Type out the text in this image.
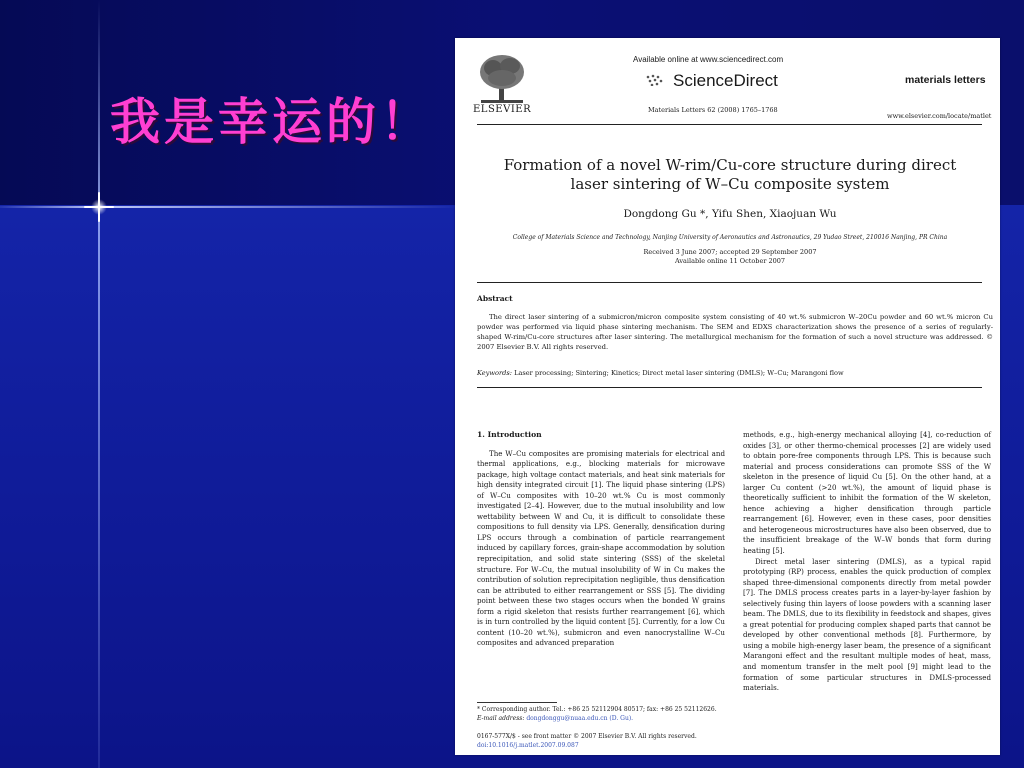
我是幸运的！	ELSEVIER
Available online at www.sciencedirect.com
ScienceDirect
Materials Letters 62 (2008) 1765–1768
materials letters
www.elsevier.com/locate/matlet
Formation of a novel W-rim/Cu-core structure during direct laser sintering of W–Cu composite system
Dongdong Gu *, Yifu Shen, Xiaojuan Wu
College of Materials Science and Technology, Nanjing University of Aeronautics and Astronautics, 29 Yudao Street, 210016 Nanjing, PR China
Received 3 June 2007; accepted 29 September 2007
Available online 11 October 2007
Abstract
The direct laser sintering of a submicron/micron composite system consisting of 40 wt.% submicron W–20Cu powder and 60 wt.% micron Cu powder was performed via liquid phase sintering mechanism. The SEM and EDXS characterization shows the presence of a series of regularly-shaped W-rim/Cu-core structures after laser sintering. The metallurgical mechanism for the formation of such a novel structure was addressed. © 2007 Elsevier B.V. All rights reserved.
Keywords: Laser processing; Sintering; Kinetics; Direct metal laser sintering (DMLS); W–Cu; Marangoni flow

1. Introduction

The W–Cu composites are promising materials for electrical and thermal applications, e.g., blocking materials for microwave package, high voltage contact materials, and heat sink materials for high density integrated circuit [1]. The liquid phase sintering (LPS) of W–Cu composites with 10–20 wt.% Cu is most commonly investigated [2–4]. However, due to the mutual insolubility and low wettability between W and Cu, it is difficult to consolidate these compositions to full density via LPS. Generally, densification during LPS occurs through a combination of particle rearrangement induced by capillary forces, grain-shape accommodation by solution reprecipitation, and solid state sintering (SSS) of the skeletal structure. For W–Cu, the mutual insolubility of W in Cu makes the contribution of solution reprecipitation negligible, thus densification can be attributed to either rearrangement or SSS [5]. The dividing point between these two stages occurs when the bonded W grains form a rigid skeleton that resists further rearrangement [6], which is in turn controlled by the liquid content [5]. Currently, for a low Cu content (10–20 wt.%), submicron and even nanocrystalline W–Cu composites and advanced preparation

methods, e.g., high-energy mechanical alloying [4], co-reduction of oxides [3], or other thermo-chemical processes [2] are widely used to obtain pore-free components through LPS. This is because such material and process considerations can promote SSS of the W skeleton in the presence of liquid Cu [5]. On the other hand, at a larger Cu content (>20 wt.%), the amount of liquid phase is theoretically sufficient to inhibit the formation of the W skeleton, hence achieving a higher densification through particle rearrangement [6]. However, even in these cases, poor densities and heterogeneous microstructures have also been observed, due to the insufficient breakage of the W–W bonds that form during heating [5].

Direct metal laser sintering (DMLS), as a typical rapid prototyping (RP) process, enables the quick production of complex shaped three-dimensional components directly from metal powder [7]. The DMLS process creates parts in a layer-by-layer fashion by selectively fusing thin layers of loose powders with a scanning laser beam. The DMLS, due to its flexibility in feedstock and shapes, gives a great potential for producing complex shaped parts that cannot be developed by other conventional methods [8]. Furthermore, by using a mobile high-energy laser beam, the presence of a significant Marangoni effect and the resultant multiple modes of heat, mass, and momentum transfer in the melt pool [9] might lead to the formation of some particular structures in DMLS-processed materials.

* Corresponding author. Tel.: +86 25 52112904 80517; fax: +86 25 52112626.
E-mail address: dongdonggu@nuaa.edu.cn (D. Gu).
0167-577X/$ - see front matter © 2007 Elsevier B.V. All rights reserved.
doi:10.1016/j.matlet.2007.09.087
